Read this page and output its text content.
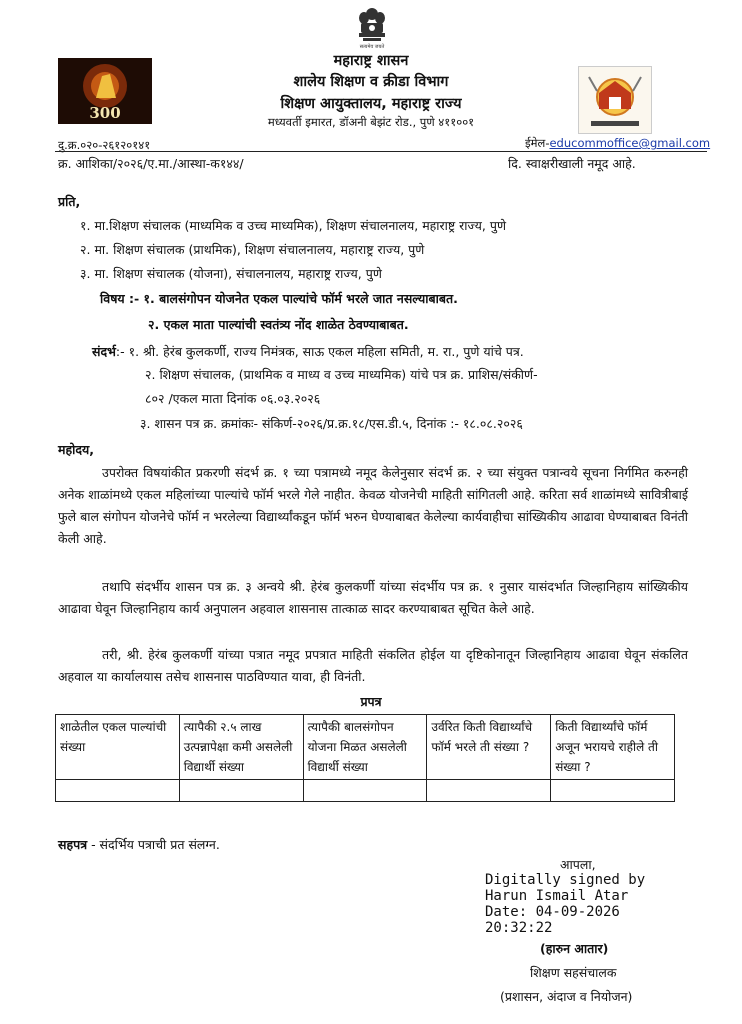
सत्यमेव जयते
महाराष्ट्र शासन
शालेय शिक्षण व क्रीडा विभाग
शिक्षण आयुक्तालय, महाराष्ट्र राज्य
मध्यवर्ती इमारत, डॉअनी बेझंट रोड., पुणे ४११००१
300
दु.क्र.०२०-२६१२०१४१	ईमेल-educommoffice@gmail.com
क्र. आशिका/२०२६/ए.मा./आस्था-क१४४/	दि. स्वाक्षरीखाली नमूद आहे.
प्रति,
१. मा.शिक्षण संचालक (माध्यमिक व उच्च माध्यमिक), शिक्षण संचालनालय, महाराष्ट्र राज्य, पुणे
२. मा. शिक्षण संचालक (प्राथमिक), शिक्षण संचालनालय, महाराष्ट्र राज्य, पुणे
३. मा. शिक्षण संचालक (योजना), संचालनालय, महाराष्ट्र राज्य, पुणे
विषय :- १. बालसंगोपन योजनेत एकल पाल्यांचे फॉर्म भरले जात नसल्याबाबत.
२. एकल माता पाल्यांची स्वतंत्र्य नोंद शाळेत ठेवण्याबाबत.
संदर्भ:- १. श्री. हेरंब कुलकर्णी, राज्य निमंत्रक, साऊ एकल महिला समिती, म. रा., पुणे यांचे पत्र.
२. शिक्षण संचालक, (प्राथमिक व माध्य व उच्च माध्यमिक) यांचे पत्र क्र. प्राशिस/संकीर्ण-
८०२ /एकल माता दिनांक ०६.०३.२०२६
३. शासन पत्र क्र. क्रमांकः- संकिर्ण-२०२६/प्र.क्र.१८/एस.डी.५, दिनांक :- १८.०८.२०२६
महोदय,
उपरोक्त विषयांकीत प्रकरणी संदर्भ क्र. १ च्या पत्रामध्ये नमूद केलेनुसार संदर्भ क्र. २ च्या संयुक्त पत्रान्वये सूचना निर्गमित करुनही अनेक शाळांमध्ये एकल महिलांच्या पाल्यांचे फॉर्म भरले गेले नाहीत. केवळ योजनेची माहिती सांगितली आहे. करिता सर्व शाळांमध्ये सावित्रीबाई फुले बाल संगोपन योजनेचे फॉर्म न भरलेल्या विद्यार्थ्यांकडून फॉर्म भरुन घेण्याबाबत केलेल्या कार्यवाहीचा सांख्यिकीय आढावा घेण्याबाबत विनंती केली आहे.
तथापि संदर्भीय शासन पत्र क्र. ३ अन्वये श्री. हेरंब कुलकर्णी यांच्या संदर्भीय पत्र क्र. १ नुसार यासंदर्भात जिल्हानिहाय सांख्यिकीय आढावा घेवून जिल्हानिहाय कार्य अनुपालन अहवाल शासनास तात्काळ सादर करण्याबाबत सूचित केले आहे.
तरी, श्री. हेरंब कुलकर्णी यांच्या पत्रात नमूद प्रपत्रात माहिती संकलित होईल या दृष्टिकोनातून जिल्हानिहाय आढावा घेवून संकलित अहवाल या कार्यालयास तसेच शासनास पाठविण्यात यावा, ही विनंती.
प्रपत्र
शाळेतील एकल पाल्यांची संख्या	त्यापैकी २.५ लाख उत्पन्नापेक्षा कमी असलेली विद्यार्थी संख्या	त्यापैकी बालसंगोपन योजना मिळत असलेली विद्यार्थी संख्या	उर्वरित किती विद्यार्थ्यांचे फॉर्म भरले ती संख्या ?	किती विद्यार्थ्यांचे फॉर्म अजून भरायचे राहीले ती संख्या ?

सहपत्र - संदर्भिय पत्राची प्रत संलग्न.
आपला,
Digitally signed by
Harun Ismail Atar
Date: 04-09-2026
20:32:22
(हारुन आतार)
शिक्षण सहसंचालक
(प्रशासन, अंदाज व नियोजन)
